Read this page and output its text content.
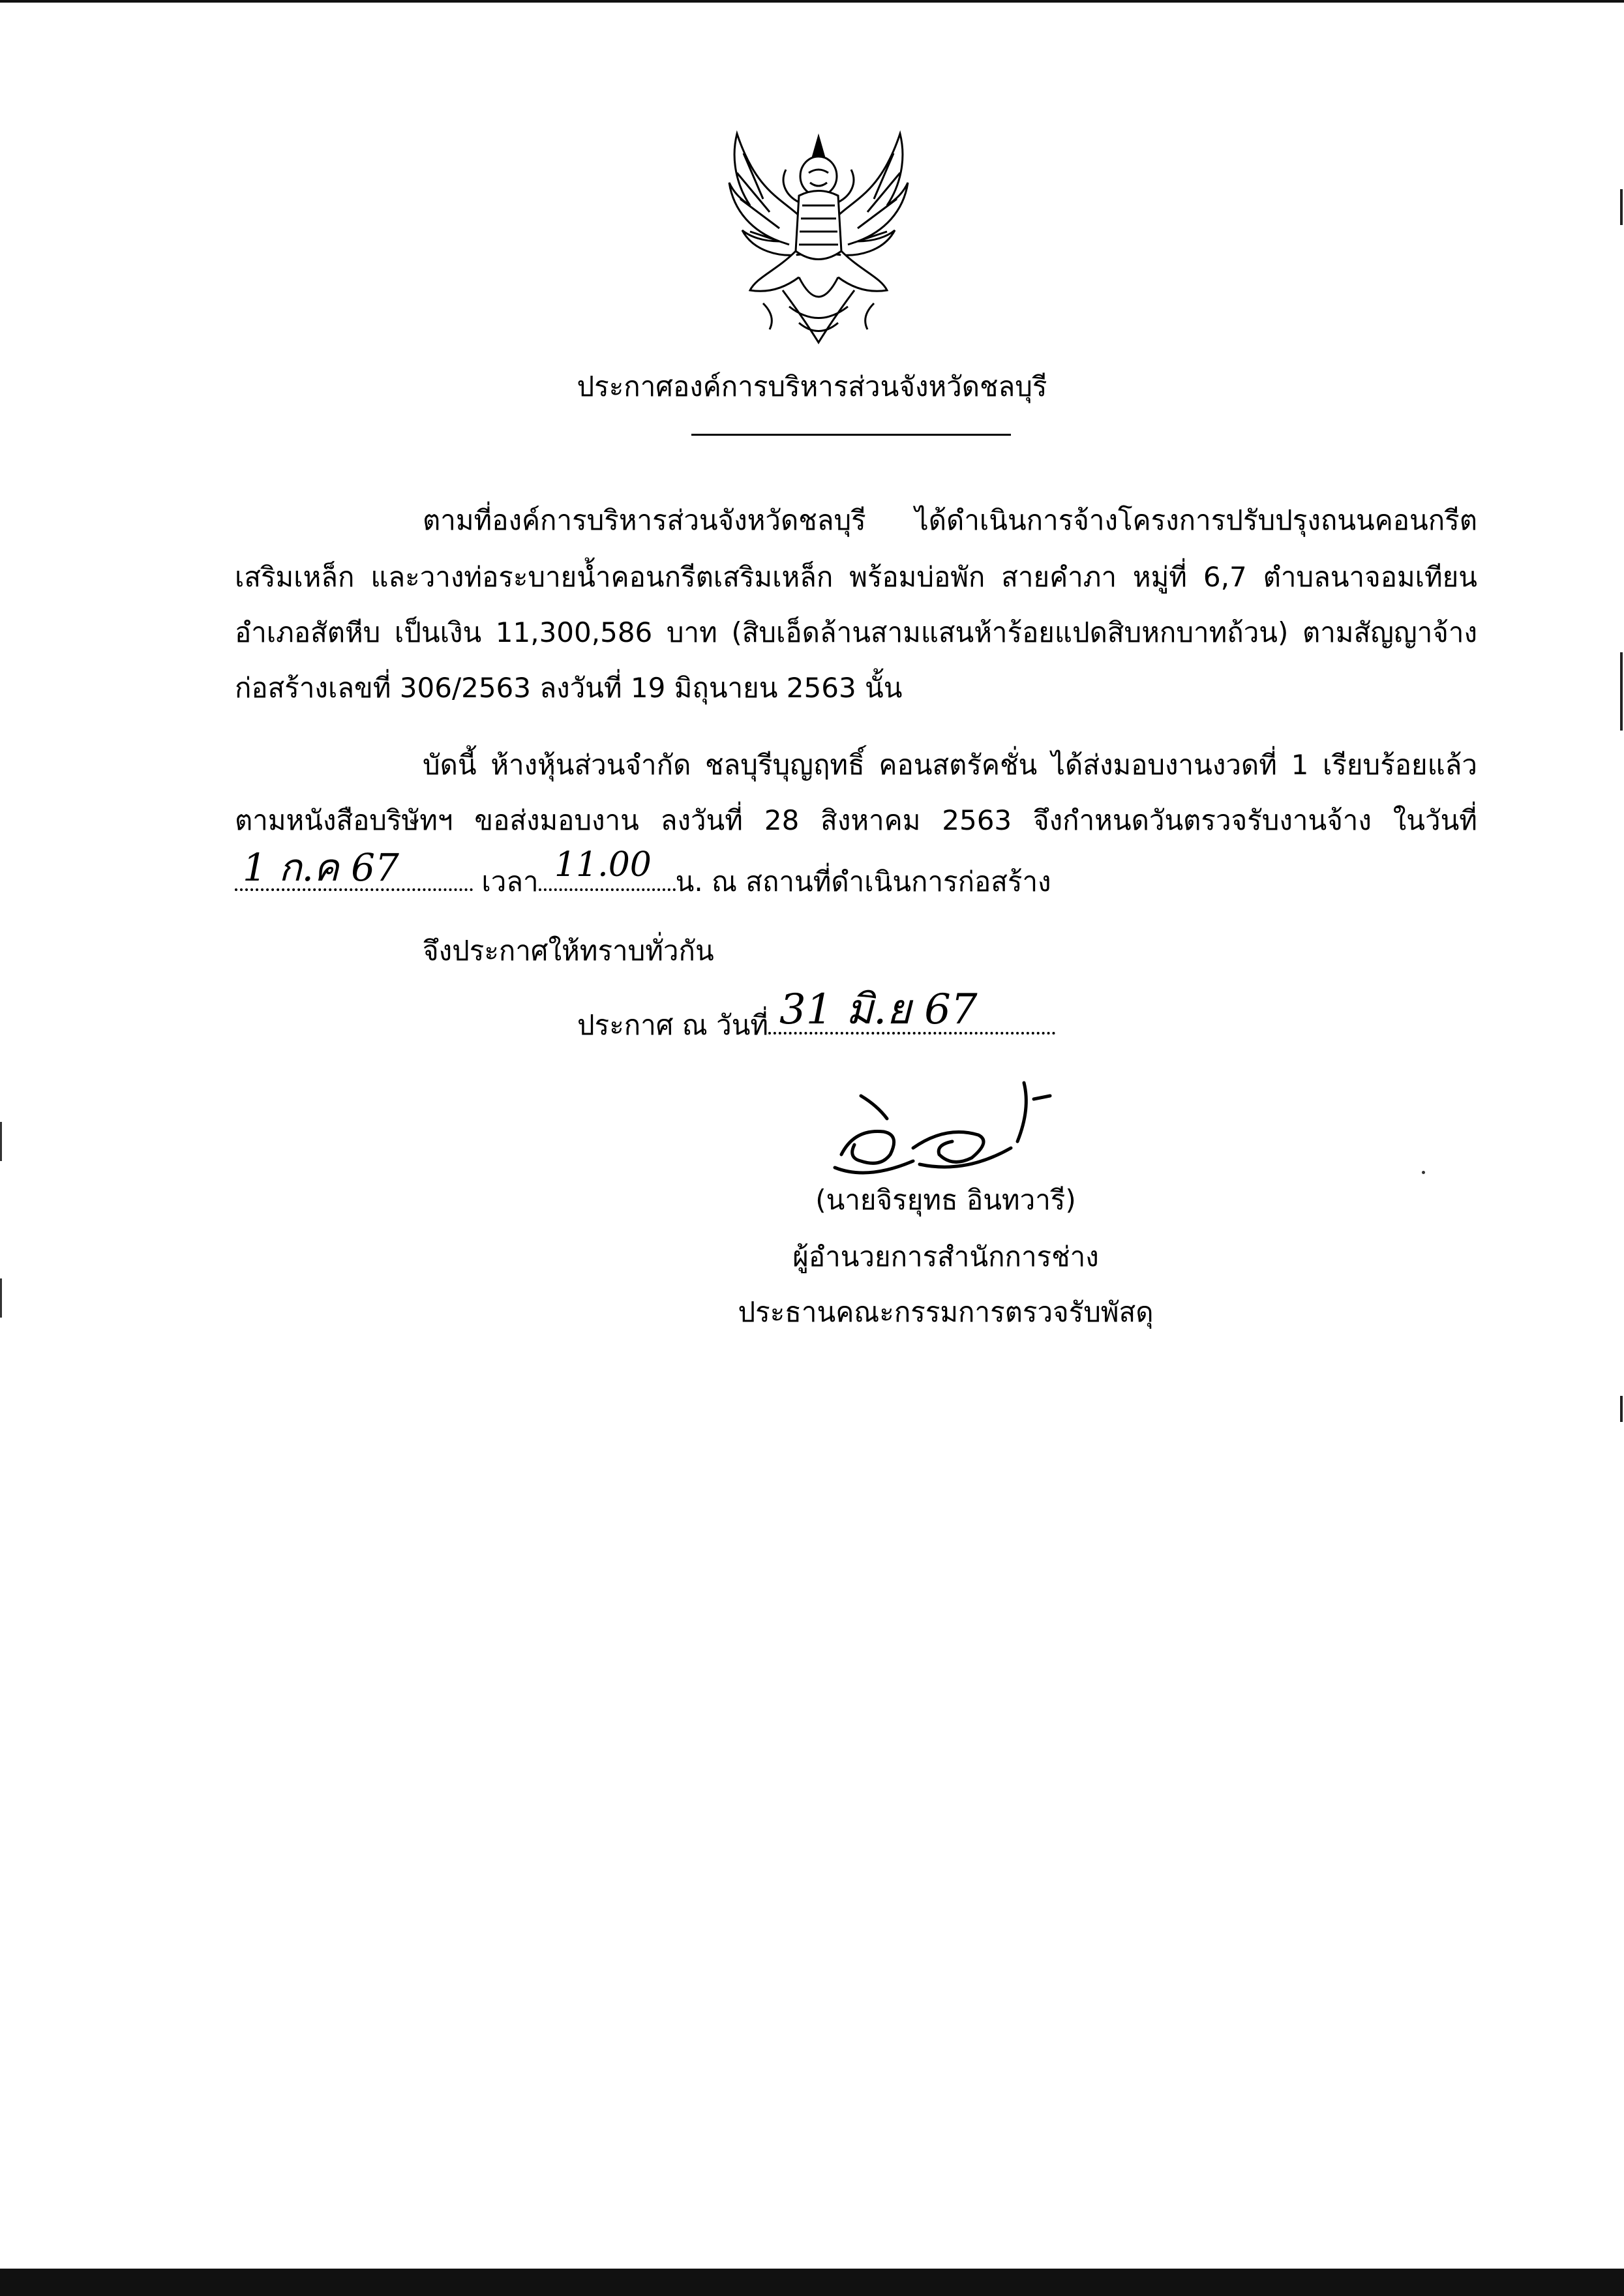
ประกาศองค์การบริหารส่วนจังหวัดชลบุรี
ตามที่องค์การบริหารส่วนจังหวัดชลบุรี ได้ดำเนินการจ้างโครงการปรับปรุงถนนคอนกรีต
เสริมเหล็ก และวางท่อระบายน้ำคอนกรีตเสริมเหล็ก พร้อมบ่อพัก สายคำภา หมู่ที่ 6,7 ตำบลนาจอมเทียน
อำเภอสัตหีบ เป็นเงิน 11,300,586 บาท (สิบเอ็ดล้านสามแสนห้าร้อยแปดสิบหกบาทถ้วน) ตามสัญญาจ้าง
ก่อสร้างเลขที่ 306/2563 ลงวันที่ 19 มิถุนายน 2563 นั้น
บัดนี้ ห้างหุ้นส่วนจำกัด ชลบุรีบุญฤทธิ์ คอนสตรัคชั่น ได้ส่งมอบงานงวดที่ 1 เรียบร้อยแล้ว
ตามหนังสือบริษัทฯ ขอส่งมอบงาน ลงวันที่ 28 สิงหาคม 2563 จึงกำหนดวันตรวจรับงานจ้าง ในวันที่
เวลา	น. ณ สถานที่ดำเนินการก่อสร้าง
1 ก.ค 67	11.00
จึงประกาศให้ทราบทั่วกัน
ประกาศ ณ วันที่ 31 มิ.ย 67
(นายจิรยุทธ อินทวารี)
ผู้อำนวยการสำนักการช่าง
ประธานคณะกรรมการตรวจรับพัสดุ
